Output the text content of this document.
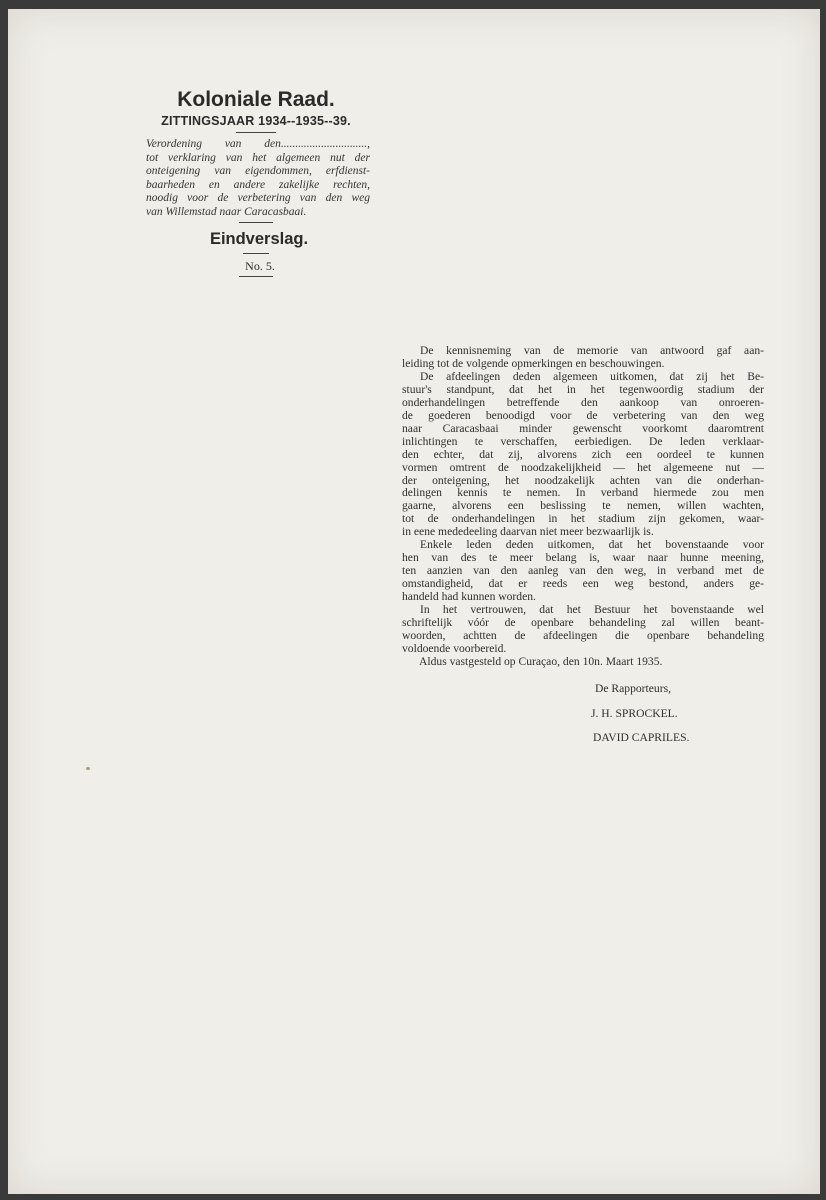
Koloniale Raad.

ZITTINGSJAAR 1934--1935--39.

Verordening van den..............................,
tot verklaring van het algemeen nut der
onteigening van eigendommen, erfdienst-
baarheden en andere zakelijke rechten,
noodig voor de verbetering van den weg
van Willemstad naar Caracasbaai.
Eindverslag.

No. 5.

De kennisneming van de memorie van antwoord gaf aan-
leiding tot de volgende opmerkingen en beschouwingen.

De afdeelingen deden algemeen uitkomen, dat zij het Be-
stuur's standpunt, dat het in het tegenwoordig stadium der
onderhandelingen betreffende den aankoop van onroeren-
de goederen benoodigd voor de verbetering van den weg
naar Caracasbaai minder gewenscht voorkomt daaromtrent
inlichtingen te verschaffen, eerbiedigen. De leden verklaar-
den echter, dat zij, alvorens zich een oordeel te kunnen
vormen omtrent de noodzakelijkheid — het algemeene nut —
der onteigening, het noodzakelijk achten van die onderhan-
delingen kennis te nemen. In verband hiermede zou men
gaarne, alvorens een beslissing te nemen, willen wachten,
tot de onderhandelingen in het stadium zijn gekomen, waar-
in eene mededeeling daarvan niet meer bezwaarlijk is.

Enkele leden deden uitkomen, dat het bovenstaande voor
hen van des te meer belang is, waar naar hunne meening,
ten aanzien van den aanleg van den weg, in verband met de
omstandigheid, dat er reeds een weg bestond, anders ge-
handeld had kunnen worden.

In het vertrouwen, dat het Bestuur het bovenstaande wel
schriftelijk vóór de openbare behandeling zal willen beant-
woorden, achtten de afdeelingen die openbare behandeling
voldoende voorbereid.

Aldus vastgesteld op Curaçao, den 10n. Maart 1935.
De Rapporteurs,
J. H. SPROCKEL.
DAVID CAPRILES.
